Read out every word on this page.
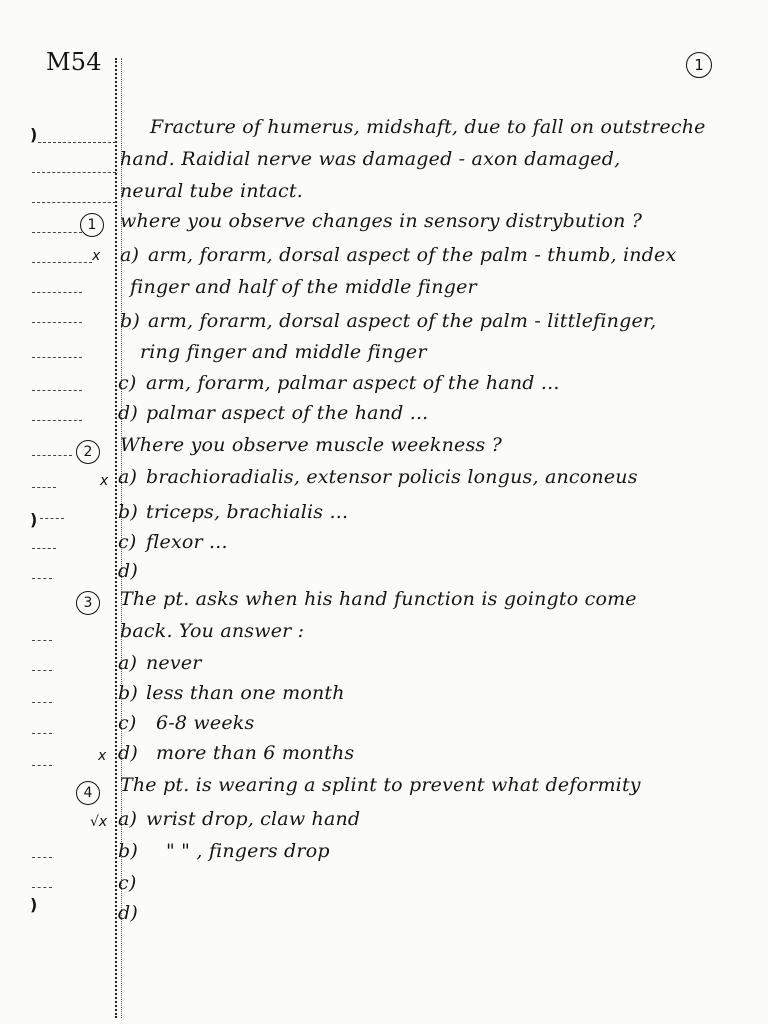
M54	1
)
)
)
Fracture of humerus, midshaft, due to fall on outstreche
hand. Raidial nerve was damaged - axon damaged,
neural tube intact.
1	where you observe changes in sensory distrybution ?
x a) arm, forarm, dorsal aspect of the palm - thumb, index
finger and half of the middle finger
b) arm, forarm, dorsal aspect of the palm - littlefinger,
ring finger and middle finger
c) arm, forarm, palmar aspect of the hand ...
d) palmar aspect of the hand ...
2	Where you observe muscle weekness ?
x a) brachioradialis, extensor policis longus, anconeus
b) triceps, brachialis ...
c) flexor ...
d)
3	The pt. asks when his hand function is goingto come
back. You answer :
a) never
b) less than one month
c) 6-8 weeks
x d) more than 6 months
4	The pt. is wearing a splint to prevent what deformity
√x a) wrist drop, claw hand
b) " " , fingers drop
c)
d)
